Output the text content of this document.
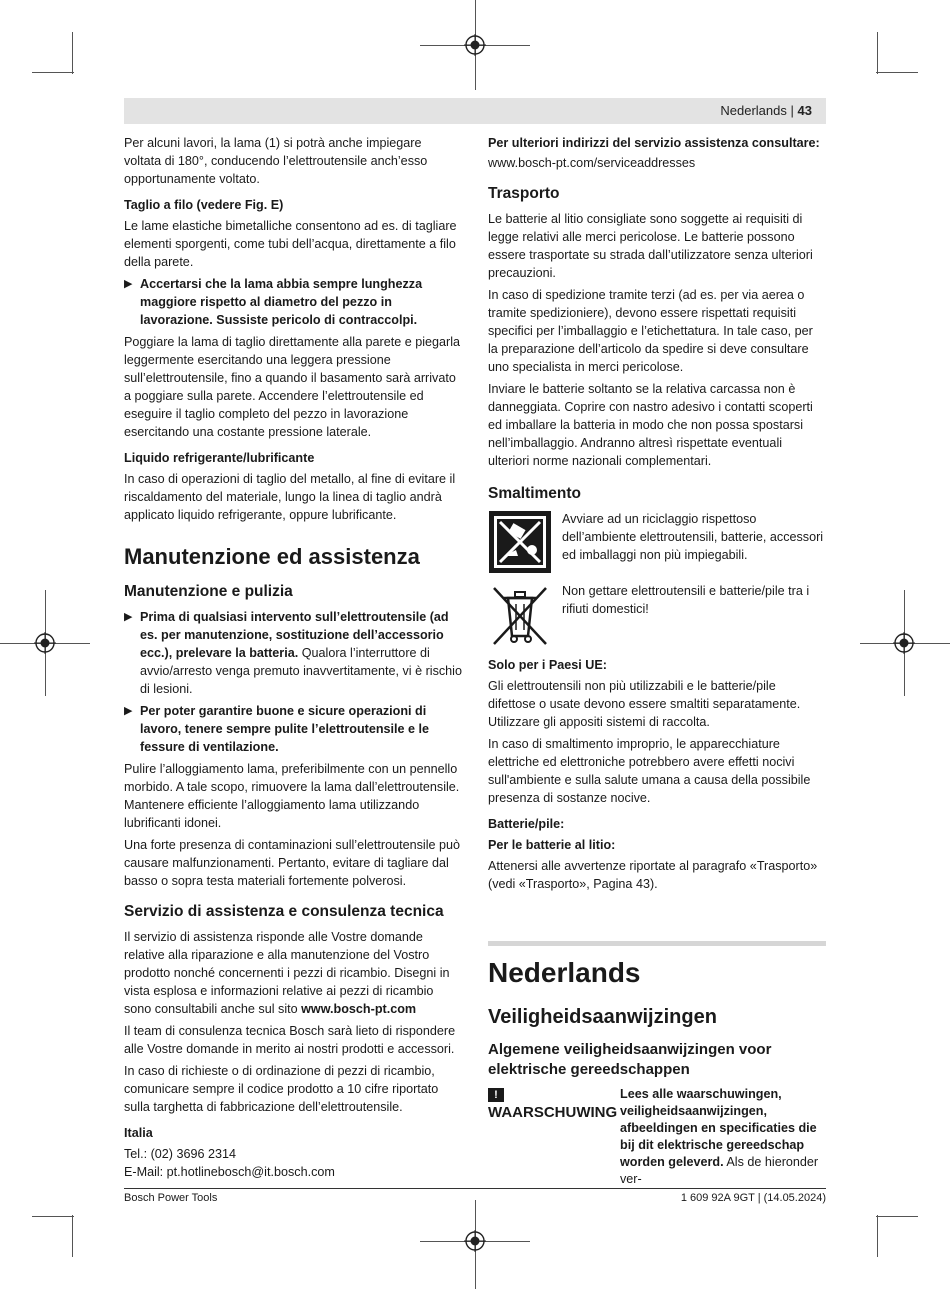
Nederlands | 43

Per alcuni lavori, la lama (1) si potrà anche impiegare voltata di 180°, conducendo l’elettroutensile anch’esso opportunamente voltato.

Taglio a filo (vedere Fig. E)

Le lame elastiche bimetalliche consentono ad es. di tagliare elementi sporgenti, come tubi dell’acqua, direttamente a filo della parete.

▶ Accertarsi che la lama abbia sempre lunghezza maggiore rispetto al diametro del pezzo in lavorazione. Sussiste pericolo di contraccolpi.

Poggiare la lama di taglio direttamente alla parete e piegarla leggermente esercitando una leggera pressione sull’elettroutensile, fino a quando il basamento sarà arrivato a poggiare sulla parete. Accendere l’elettroutensile ed eseguire il taglio completo del pezzo in lavorazione esercitando una costante pressione laterale.

Liquido refrigerante/lubrificante

In caso di operazioni di taglio del metallo, al fine di evitare il riscaldamento del materiale, lungo la linea di taglio andrà applicato liquido refrigerante, oppure lubrificante.

Manutenzione ed assistenza
Manutenzione e pulizia
▶ Prima di qualsiasi intervento sull’elettroutensile (ad es. per manutenzione, sostituzione dell’accessorio ecc.), prelevare la batteria. Qualora l’interruttore di avvio/arresto venga premuto inavvertitamente, vi è rischio di lesioni.
▶ Per poter garantire buone e sicure operazioni di lavoro, tenere sempre pulite l’elettroutensile e le fessure di ventilazione.

Pulire l’alloggiamento lama, preferibilmente con un pennello morbido. A tale scopo, rimuovere la lama dall’elettroutensile. Mantenere efficiente l’alloggiamento lama utilizzando lubrificanti idonei.

Una forte presenza di contaminazioni sull’elettroutensile può causare malfunzionamenti. Pertanto, evitare di tagliare dal basso o sopra testa materiali fortemente polverosi.

Servizio di assistenza e consulenza tecnica

Il servizio di assistenza risponde alle Vostre domande relative alla riparazione e alla manutenzione del Vostro prodotto nonché concernenti i pezzi di ricambio. Disegni in vista esplosa e informazioni relative ai pezzi di ricambio sono consultabili anche sul sito www.bosch-pt.com

Il team di consulenza tecnica Bosch sarà lieto di rispondere alle Vostre domande in merito ai nostri prodotti e accessori.

In caso di richieste o di ordinazione di pezzi di ricambio, comunicare sempre il codice prodotto a 10 cifre riportato sulla targhetta di fabbricazione dell’elettroutensile.

Italia
Tel.: (02) 3696 2314
E-Mail: pt.hotlinebosch@it.bosch.com
Per ulteriori indirizzi del servizio assistenza consultare:

www.bosch-pt.com/serviceaddresses

Trasporto

Le batterie al litio consigliate sono soggette ai requisiti di legge relativi alle merci pericolose. Le batterie possono essere trasportate su strada dall’utilizzatore senza ulteriori precauzioni.

In caso di spedizione tramite terzi (ad es. per via aerea o tramite spedizioniere), devono essere rispettati requisiti specifici per l’imballaggio e l’etichettatura. In tale caso, per la preparazione dell’articolo da spedire si deve consultare uno specialista in merci pericolose.

Inviare le batterie soltanto se la relativa carcassa non è danneggiata. Coprire con nastro adesivo i contatti scoperti ed imballare la batteria in modo che non possa spostarsi nell’imballaggio. Andranno altresì rispettate eventuali ulteriori norme nazionali complementari.

Smaltimento
Avviare ad un riciclaggio rispettoso dell’ambiente elettroutensili, batterie, accessori ed imballaggi non più impiegabili.
Non gettare elettroutensili e batterie/pile tra i rifiuti domestici!
Solo per i Paesi UE:

Gli elettroutensili non più utilizzabili e le batterie/pile difettose o usate devono essere smaltiti separatamente. Utilizzare gli appositi sistemi di raccolta.

In caso di smaltimento improprio, le apparecchiature elettriche ed elettroniche potrebbero avere effetti nocivi sull'ambiente e sulla salute umana a causa della possibile presenza di sostanze nocive.

Batterie/pile:
Per le batterie al litio:

Attenersi alle avvertenze riportate al paragrafo «Trasporto» (vedi «Trasporto», Pagina 43).

Nederlands
Veiligheidsaanwijzingen
Algemene veiligheidsaanwijzingen voor elektrische gereedschappen
!WAARSCHUWING
Lees alle waarschuwingen, veiligheidsaanwijzingen, afbeeldingen en specificaties die bij dit elektrische gereedschap worden geleverd. Als de hieronder ver-
Bosch Power Tools	1 609 92A 9GT | (14.05.2024)
